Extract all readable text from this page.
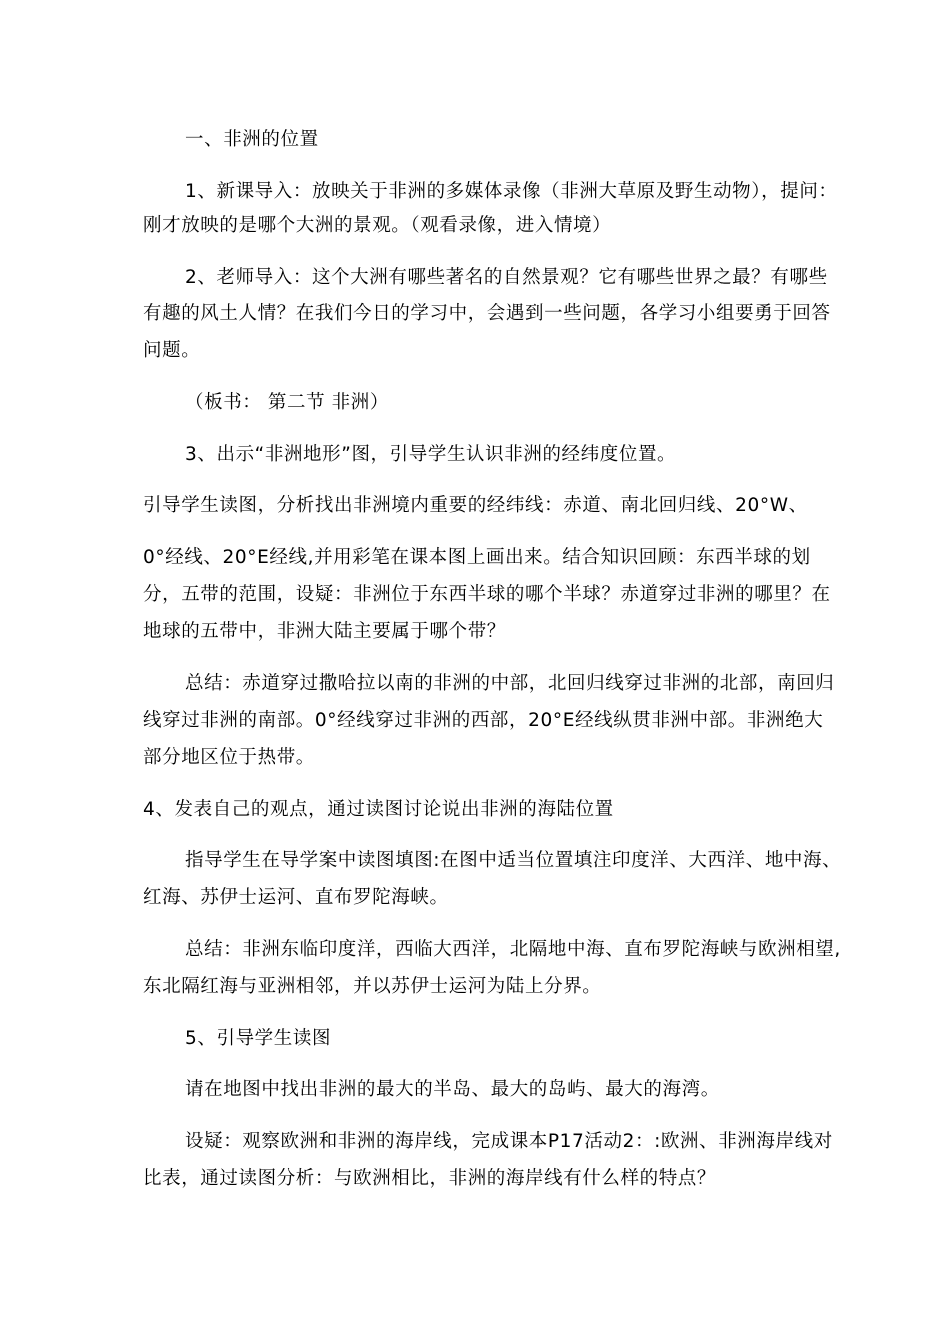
一、非洲的位置
1、新课导入：放映关于非洲的多媒体录像（非洲大草原及野生动物），提问：
刚才放映的是哪个大洲的景观。（观看录像，进入情境）
2、老师导入：这个大洲有哪些著名的自然景观？它有哪些世界之最？有哪些
有趣的风土人情？在我们今日的学习中，会遇到一些问题，各学习小组要勇于回答
问题。
（板书： 第二节 非洲）
3、出示“非洲地形”图，引导学生认识非洲的经纬度位置。
引导学生读图，分析找出非洲境内重要的经纬线：赤道、南北回归线、20°W、
0°经线、20°E经线,并用彩笔在课本图上画出来。结合知识回顾：东西半球的划
分，五带的范围，设疑：非洲位于东西半球的哪个半球？赤道穿过非洲的哪里？在
地球的五带中，非洲大陆主要属于哪个带？
总结：赤道穿过撒哈拉以南的非洲的中部，北回归线穿过非洲的北部，南回归
线穿过非洲的南部。0°经线穿过非洲的西部，20°E经线纵贯非洲中部。非洲绝大
部分地区位于热带。
4、发表自己的观点，通过读图讨论说出非洲的海陆位置
指导学生在导学案中读图填图:在图中适当位置填注印度洋、大西洋、地中海、
红海、苏伊士运河、直布罗陀海峡。
总结：非洲东临印度洋，西临大西洋，北隔地中海、直布罗陀海峡与欧洲相望,
东北隔红海与亚洲相邻，并以苏伊士运河为陆上分界。
5、引导学生读图
请在地图中找出非洲的最大的半岛、最大的岛屿、最大的海湾。
设疑：观察欧洲和非洲的海岸线，完成课本P17活动2：:欧洲、非洲海岸线对
比表，通过读图分析：与欧洲相比，非洲的海岸线有什么样的特点？
